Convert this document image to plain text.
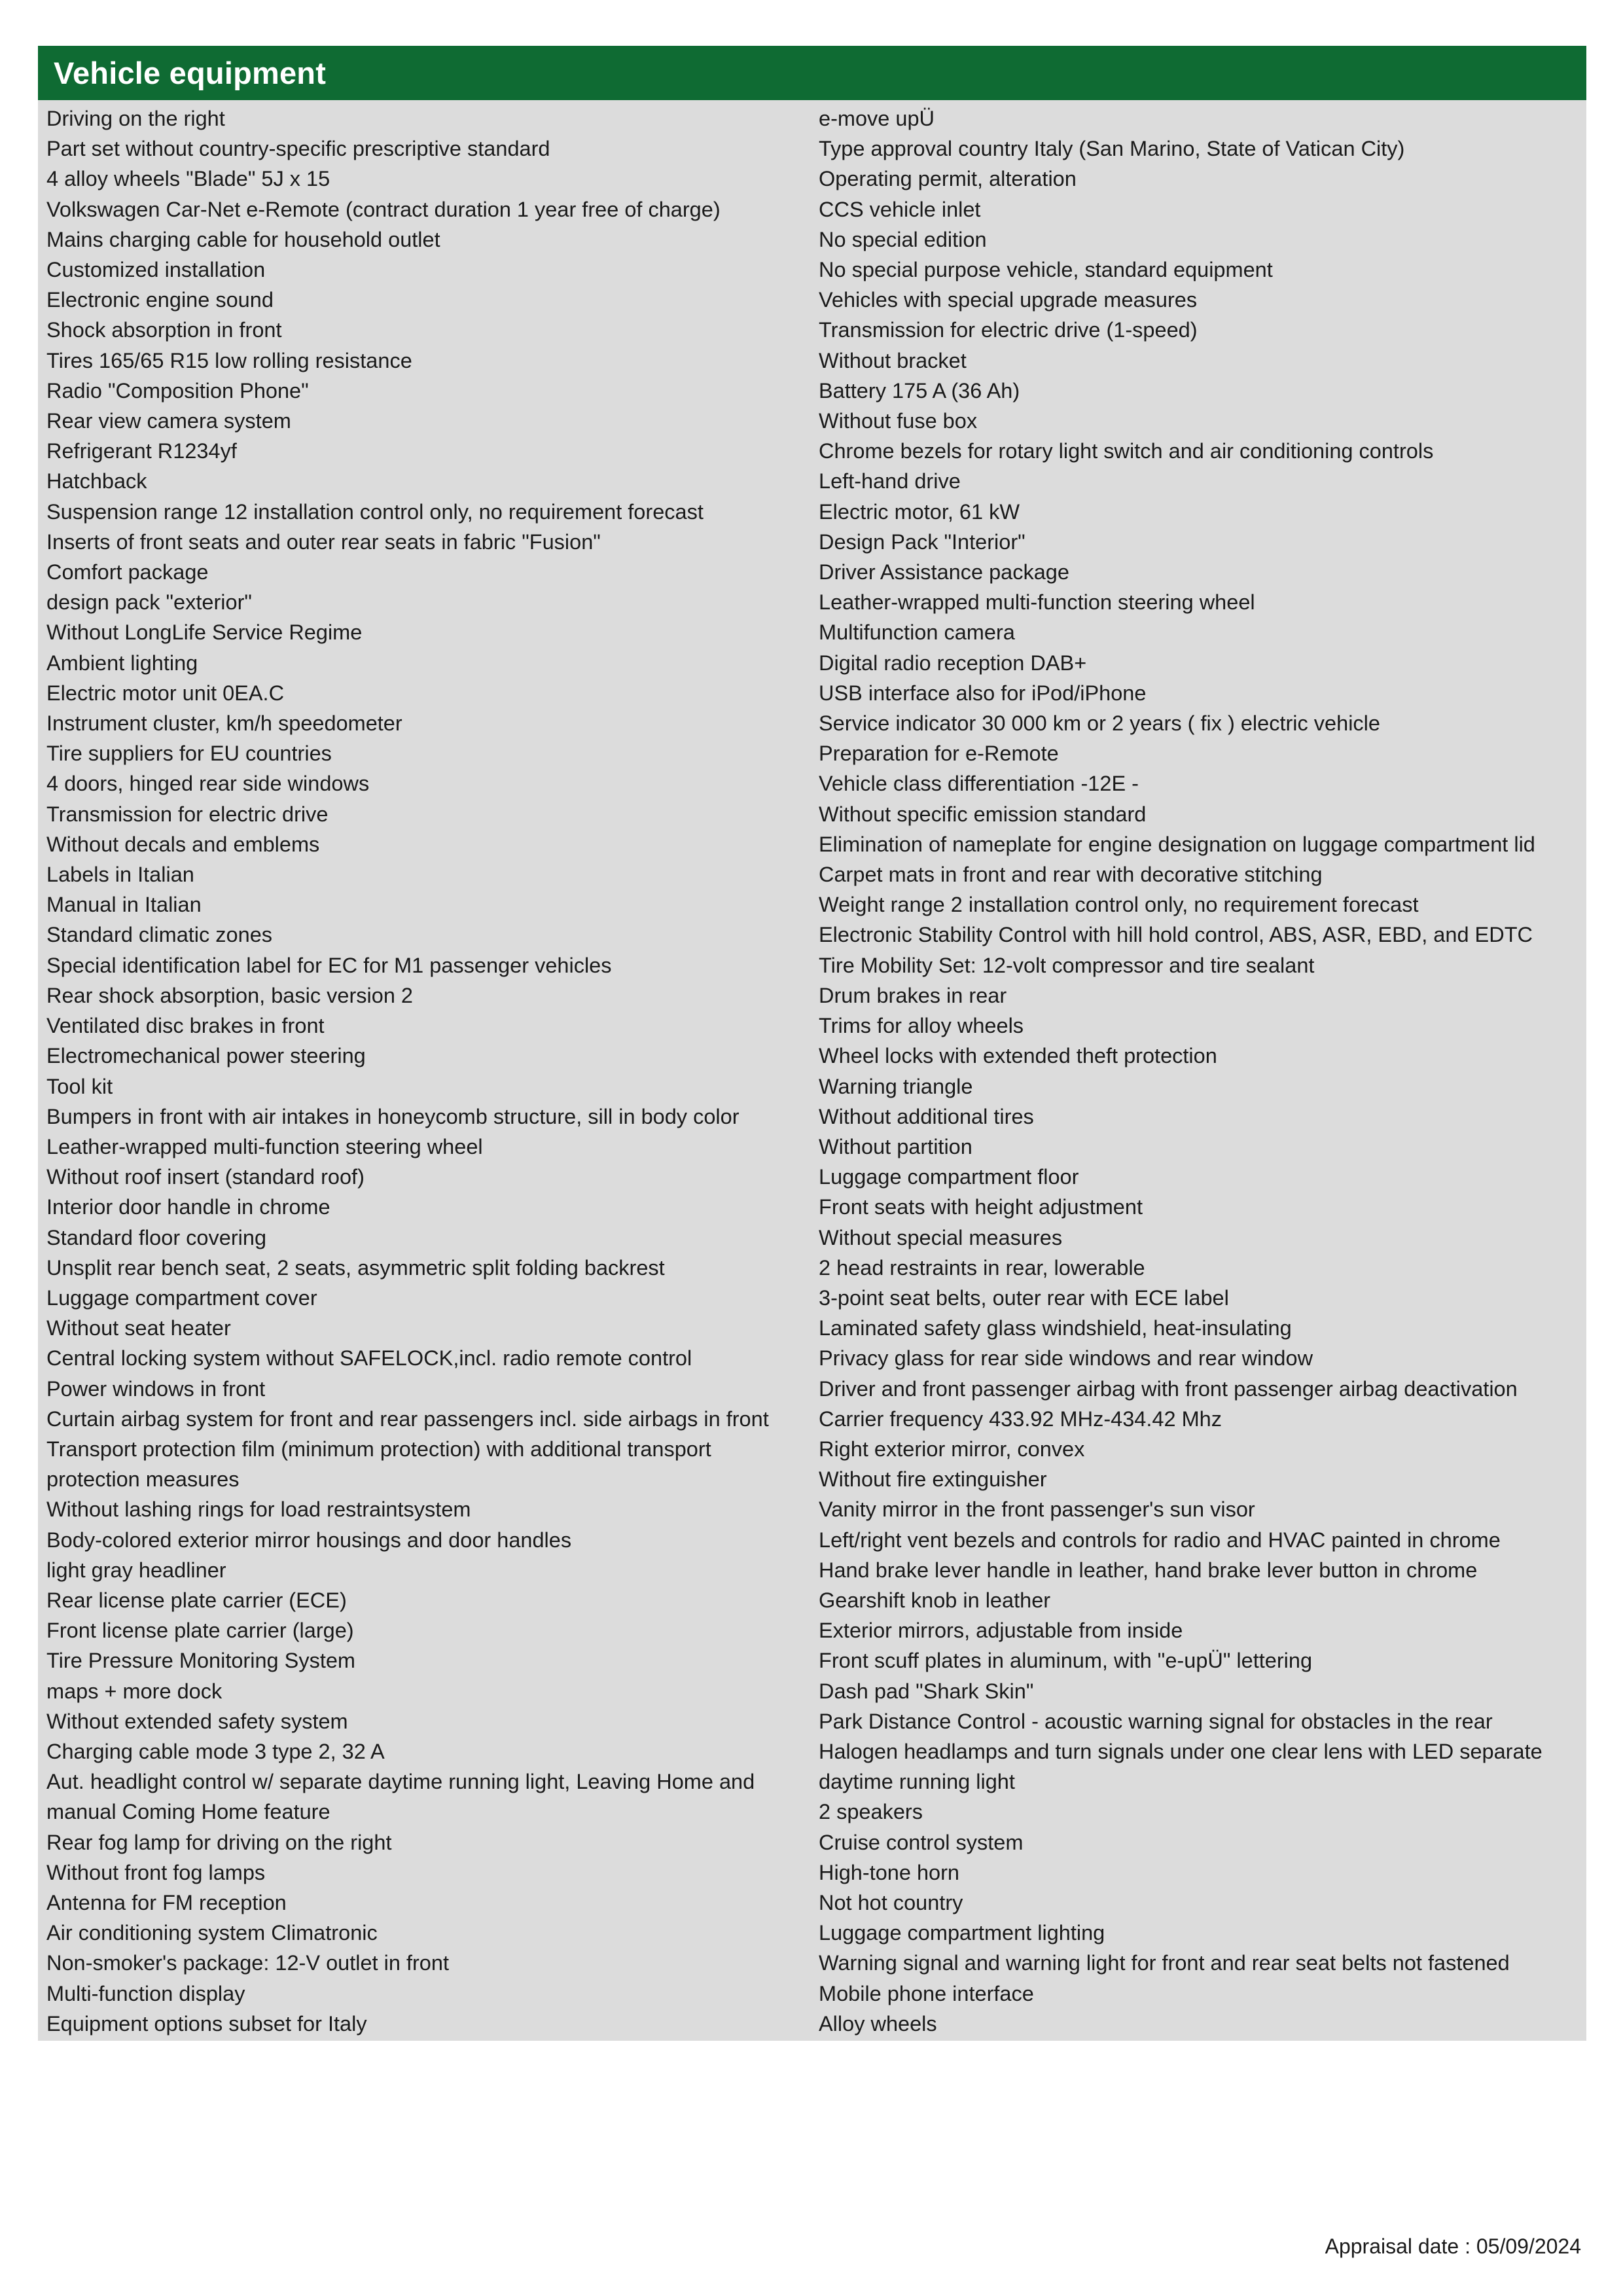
Vehicle equipment
Driving on the right
Part set without country-specific prescriptive standard
4 alloy wheels "Blade" 5J x 15
Volkswagen Car-Net e-Remote (contract duration 1 year free of charge)
Mains charging cable for household outlet
Customized installation
Electronic engine sound
Shock absorption in front
Tires 165/65 R15 low rolling resistance
Radio "Composition Phone"
Rear view camera system
Refrigerant R1234yf
Hatchback
Suspension range 12 installation control only, no requirement forecast
Inserts of front seats and outer rear seats in fabric "Fusion"
Comfort package
design pack "exterior"
Without LongLife Service Regime
Ambient lighting
Electric motor unit 0EA.C
Instrument cluster, km/h speedometer
Tire suppliers for EU countries
4 doors, hinged rear side windows
Transmission for electric drive
Without decals and emblems
Labels in Italian
Manual in Italian
Standard climatic zones
Special identification label for EC for M1 passenger vehicles
Rear shock absorption, basic version 2
Ventilated disc brakes in front
Electromechanical power steering
Tool kit
Bumpers in front with air intakes in honeycomb structure, sill in body color
Leather-wrapped multi-function steering wheel
Without roof insert (standard roof)
Interior door handle in chrome
Standard floor covering
Unsplit rear bench seat, 2 seats, asymmetric split folding backrest
Luggage compartment cover
Without seat heater
Central locking system without SAFELOCK,incl. radio remote control
Power windows in front
Curtain airbag system for front and rear passengers incl. side airbags in front
Transport protection film (minimum protection) with additional transport
protection measures
Without lashing rings for load restraintsystem
Body-colored exterior mirror housings and door handles
light gray headliner
Rear license plate carrier (ECE)
Front license plate carrier (large)
Tire Pressure Monitoring System
maps + more dock
Without extended safety system
Charging cable mode 3 type 2, 32 A
Aut. headlight control w/ separate daytime running light, Leaving Home and
manual Coming Home feature
Rear fog lamp for driving on the right
Without front fog lamps
Antenna for FM reception
Air conditioning system Climatronic
Non-smoker's package: 12-V outlet in front
Multi-function display
Equipment options subset for Italy
e-move upÜ
Type approval country Italy (San Marino, State of Vatican City)
Operating permit, alteration
CCS vehicle inlet
No special edition
No special purpose vehicle, standard equipment
Vehicles with special upgrade measures
Transmission for electric drive (1-speed)
Without bracket
Battery 175 A (36 Ah)
Without fuse box
Chrome bezels for rotary light switch and air conditioning controls
Left-hand drive
Electric motor, 61 kW
Design Pack "Interior"
Driver Assistance package
Leather-wrapped multi-function steering wheel
Multifunction camera
Digital radio reception DAB+
USB interface also for iPod/iPhone
Service indicator 30 000 km or 2 years ( fix ) electric vehicle
Preparation for e-Remote
Vehicle class differentiation -12E -
Without specific emission standard
Elimination of nameplate for engine designation on luggage compartment lid
Carpet mats in front and rear with decorative stitching
Weight range 2 installation control only, no requirement forecast
Electronic Stability Control with hill hold control, ABS, ASR, EBD, and EDTC
Tire Mobility Set: 12-volt compressor and tire sealant
Drum brakes in rear
Trims for alloy wheels
Wheel locks with extended theft protection
Warning triangle
Without additional tires
Without partition
Luggage compartment floor
Front seats with height adjustment
Without special measures
2 head restraints in rear, lowerable
3-point seat belts, outer rear with ECE label
Laminated safety glass windshield, heat-insulating
Privacy glass for rear side windows and rear window
Driver and front passenger airbag with front passenger airbag deactivation
Carrier frequency 433.92 MHz-434.42 Mhz
Right exterior mirror, convex
Without fire extinguisher
Vanity mirror in the front passenger's sun visor
Left/right vent bezels and controls for radio and HVAC painted in chrome
Hand brake lever handle in leather, hand brake lever button in chrome
Gearshift knob in leather
Exterior mirrors, adjustable from inside
Front scuff plates in aluminum, with "e-upÜ" lettering
Dash pad "Shark Skin"
Park Distance Control - acoustic warning signal for obstacles in the rear
Halogen headlamps and turn signals under one clear lens with LED separate
daytime running light
2 speakers
Cruise control system
High-tone horn
Not hot country
Luggage compartment lighting
Warning signal and warning light for front and rear seat belts not fastened
Mobile phone interface
Alloy wheels
Appraisal date : 05/09/2024
